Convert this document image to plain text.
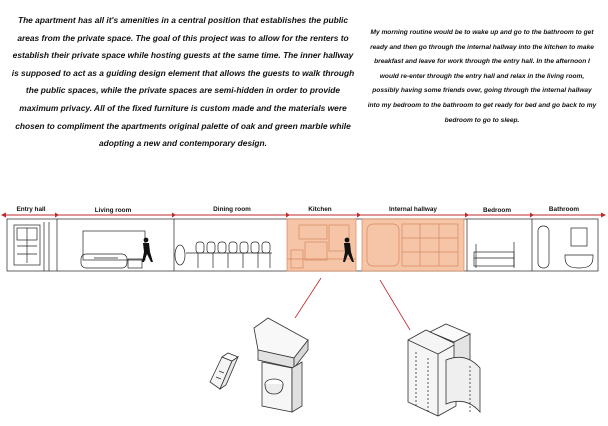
The apartment has all it's amenities in a central position that establishes the public areas from the private space. The goal of this project was to allow for the renters to establish their private space while hosting guests at the same time. The inner hallway is supposed to act as a guiding design element that allows the guests to walk through the public spaces, while the private spaces are semi-hidden in order to provide maximum privacy. All of the fixed furniture is custom made and the materials were chosen to compliment the apartments original palette of oak and green marble while adopting a new and contemporary design.

My morning routine would be to wake up and go to the bathroom to get ready and then go through the internal hallway into the kitchen to make breakfast and leave for work through the entry hall. In the afternoon I would re-enter through the entry hall and relax in the living room, possibly having some friends over, going through the internal hallway into my bedroom to the bathroom to get ready for bed and go back to my bedroom to go to sleep.

Entry hall	Living room	Dining room	Kitchen	Internal hallway	Bedroom	Bathroom
